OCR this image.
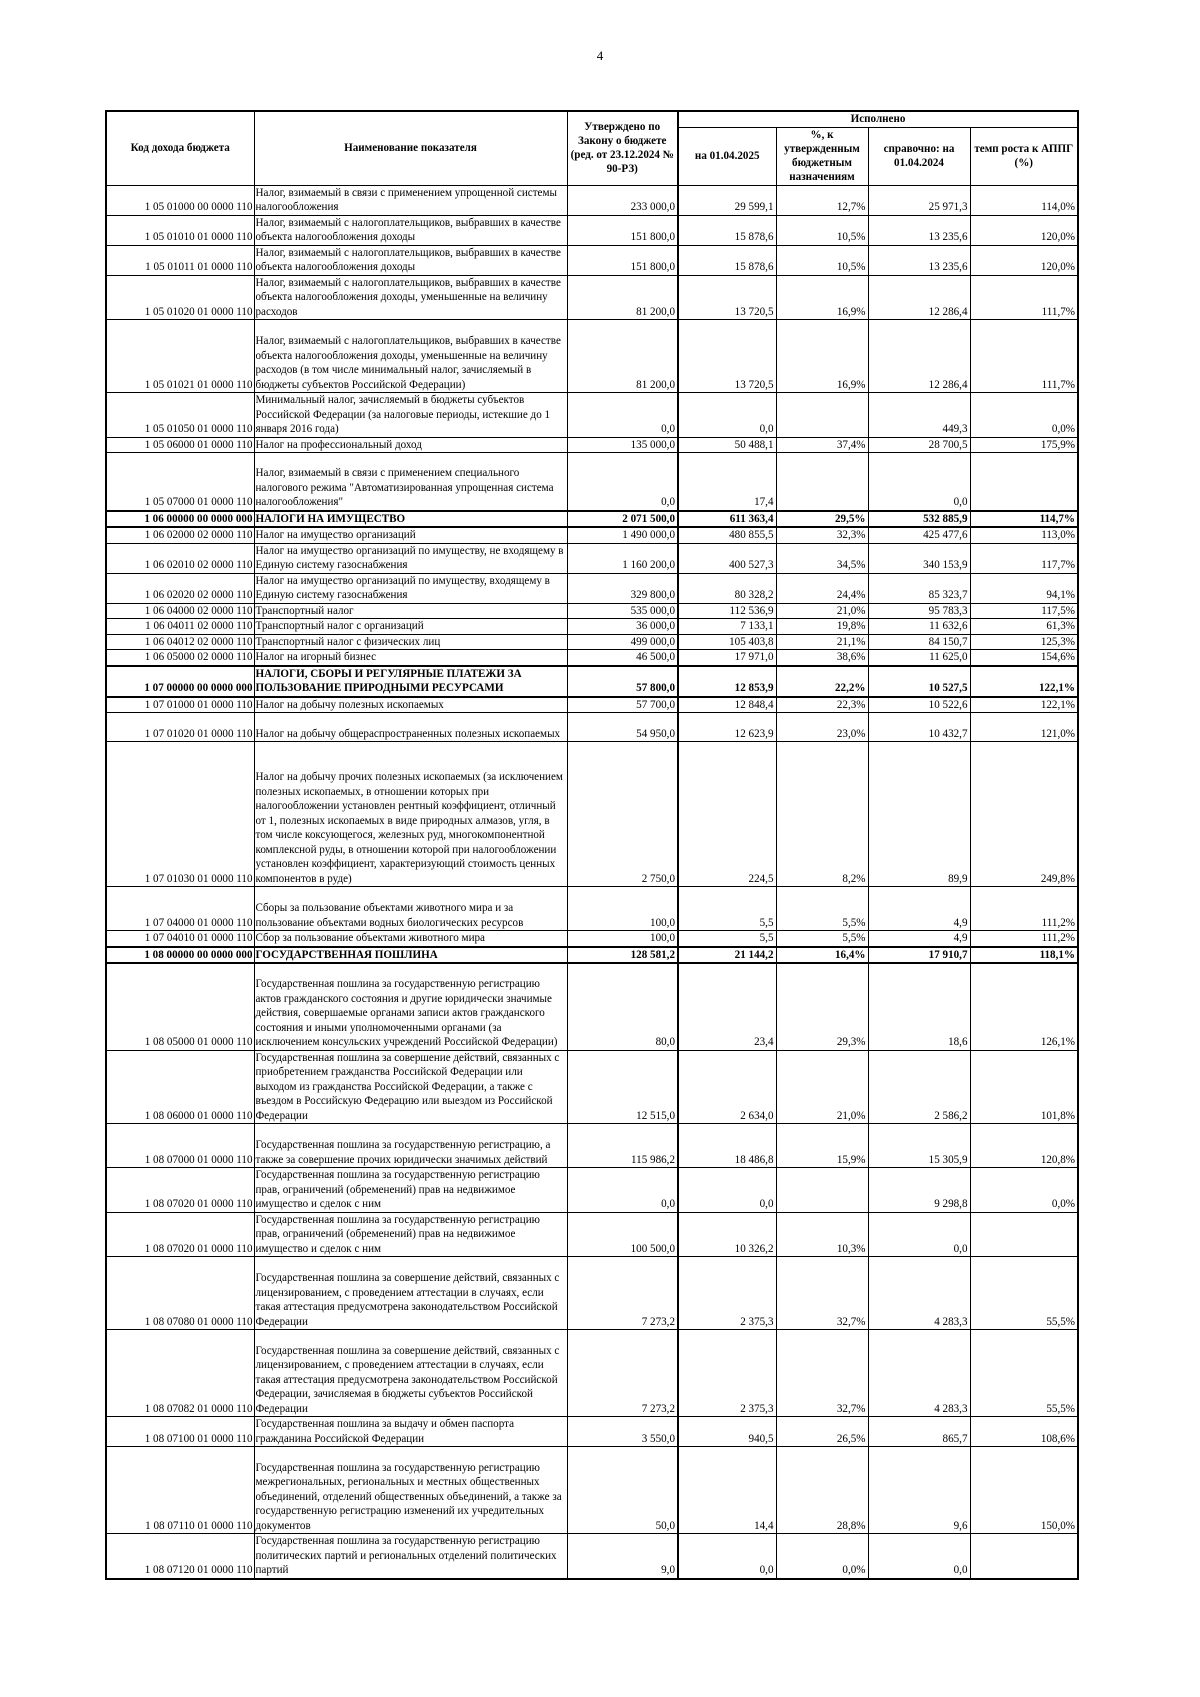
4
Код дохода бюджета	Наименование показателя	Утверждено по Закону о бюджете (ред. от 23.12.2024 № 90-РЗ)	Исполнено			
			на 01.04.2025	%, к утвержденным бюджетным назначениям	справочно: на 01.04.2024	темп роста к АППГ (%)
1 05 01000 00 0000 110	Налог, взимаемый в связи с применением упрощенной системы налогообложения	233 000,0	29 599,1	12,7%	25 971,3	114,0%
1 05 01010 01 0000 110	Налог, взимаемый с налогоплательщиков, выбравших в качестве объекта налогообложения доходы	151 800,0	15 878,6	10,5%	13 235,6	120,0%
1 05 01011 01 0000 110	Налог, взимаемый с налогоплательщиков, выбравших в качестве объекта налогообложения доходы	151 800,0	15 878,6	10,5%	13 235,6	120,0%
1 05 01020 01 0000 110	Налог, взимаемый с налогоплательщиков, выбравших в качестве объекта налогообложения доходы, уменьшенные на величину расходов	81 200,0	13 720,5	16,9%	12 286,4	111,7%
1 05 01021 01 0000 110	Налог, взимаемый с налогоплательщиков, выбравших в качестве объекта налогообложения доходы, уменьшенные на величину расходов (в том числе минимальный налог, зачисляемый в бюджеты субъектов Российской Федерации)	81 200,0	13 720,5	16,9%	12 286,4	111,7%
1 05 01050 01 0000 110	Минимальный налог, зачисляемый в бюджеты субъектов Российской Федерации (за налоговые периоды, истекшие до 1 января 2016 года)	0,0	0,0		449,3	0,0%
1 05 06000 01 0000 110	Налог на профессиональный доход	135 000,0	50 488,1	37,4%	28 700,5	175,9%
1 05 07000 01 0000 110	Налог, взимаемый в связи с применением специального налогового режима "Автоматизированная упрощенная система налогообложения"	0,0	17,4		0,0	
1 06 00000 00 0000 000	НАЛОГИ НА ИМУЩЕСТВО	2 071 500,0	611 363,4	29,5%	532 885,9	114,7%
1 06 02000 02 0000 110	Налог на имущество организаций	1 490 000,0	480 855,5	32,3%	425 477,6	113,0%
1 06 02010 02 0000 110	Налог на имущество организаций по имуществу, не входящему в Единую систему газоснабжения	1 160 200,0	400 527,3	34,5%	340 153,9	117,7%
1 06 02020 02 0000 110	Налог на имущество организаций по имуществу, входящему в Единую систему газоснабжения	329 800,0	80 328,2	24,4%	85 323,7	94,1%
1 06 04000 02 0000 110	Транспортный налог	535 000,0	112 536,9	21,0%	95 783,3	117,5%
1 06 04011 02 0000 110	Транспортный налог с организаций	36 000,0	7 133,1	19,8%	11 632,6	61,3%
1 06 04012 02 0000 110	Транспортный налог с физических лиц	499 000,0	105 403,8	21,1%	84 150,7	125,3%
1 06 05000 02 0000 110	Налог на игорный бизнес	46 500,0	17 971,0	38,6%	11 625,0	154,6%
1 07 00000 00 0000 000	НАЛОГИ, СБОРЫ И РЕГУЛЯРНЫЕ ПЛАТЕЖИ ЗА ПОЛЬЗОВАНИЕ ПРИРОДНЫМИ РЕСУРСАМИ	57 800,0	12 853,9	22,2%	10 527,5	122,1%
1 07 01000 01 0000 110	Налог на добычу полезных ископаемых	57 700,0	12 848,4	22,3%	10 522,6	122,1%
1 07 01020 01 0000 110	Налог на добычу общераспространенных полезных ископаемых	54 950,0	12 623,9	23,0%	10 432,7	121,0%
1 07 01030 01 0000 110	Налог на добычу прочих полезных ископаемых (за исключением полезных ископаемых, в отношении которых при налогообложении установлен рентный коэффициент, отличный от 1, полезных ископаемых в виде природных алмазов, угля, в том числе коксующегося, железных руд, многокомпонентной комплексной руды, в отношении которой при налогообложении установлен коэффициент, характеризующий стоимость ценных компонентов в руде)	2 750,0	224,5	8,2%	89,9	249,8%
1 07 04000 01 0000 110	Сборы за пользование объектами животного мира и за пользование объектами водных биологических ресурсов	100,0	5,5	5,5%	4,9	111,2%
1 07 04010 01 0000 110	Сбор за пользование объектами животного мира	100,0	5,5	5,5%	4,9	111,2%
1 08 00000 00 0000 000	ГОСУДАРСТВЕННАЯ ПОШЛИНА	128 581,2	21 144,2	16,4%	17 910,7	118,1%
1 08 05000 01 0000 110	Государственная пошлина за государственную регистрацию актов гражданского состояния и другие юридически значимые действия, совершаемые органами записи актов гражданского состояния и иными уполномоченными органами (за исключением консульских учреждений Российской Федерации)	80,0	23,4	29,3%	18,6	126,1%
1 08 06000 01 0000 110	Государственная пошлина за совершение действий, связанных с приобретением гражданства Российской Федерации или выходом из гражданства Российской Федерации, а также с въездом в Российскую Федерацию или выездом из Российской Федерации	12 515,0	2 634,0	21,0%	2 586,2	101,8%
1 08 07000 01 0000 110	Государственная пошлина за государственную регистрацию, а также за совершение прочих юридически значимых действий	115 986,2	18 486,8	15,9%	15 305,9	120,8%
1 08 07020 01 0000 110	Государственная пошлина за государственную регистрацию прав, ограничений (обременений) прав на недвижимое имущество и сделок с ним	0,0	0,0		9 298,8	0,0%
1 08 07020 01 0000 110	Государственная пошлина за государственную регистрацию прав, ограничений (обременений) прав на недвижимое имущество и сделок с ним	100 500,0	10 326,2	10,3%	0,0	
1 08 07080 01 0000 110	Государственная пошлина за совершение действий, связанных с лицензированием, с проведением аттестации в случаях, если такая аттестация предусмотрена законодательством Российской Федерации	7 273,2	2 375,3	32,7%	4 283,3	55,5%
1 08 07082 01 0000 110	Государственная пошлина за совершение действий, связанных с лицензированием, с проведением аттестации в случаях, если такая аттестация предусмотрена законодательством Российской Федерации, зачисляемая в бюджеты субъектов Российской Федерации	7 273,2	2 375,3	32,7%	4 283,3	55,5%
1 08 07100 01 0000 110	Государственная пошлина за выдачу и обмен паспорта гражданина Российской Федерации	3 550,0	940,5	26,5%	865,7	108,6%
1 08 07110 01 0000 110	Государственная пошлина за государственную регистрацию межрегиональных, региональных и местных общественных объединений, отделений общественных объединений, а также за государственную регистрацию изменений их учредительных документов	50,0	14,4	28,8%	9,6	150,0%
1 08 07120 01 0000 110	Государственная пошлина за государственную регистрацию политических партий и региональных отделений политических партий	9,0	0,0	0,0%	0,0	
